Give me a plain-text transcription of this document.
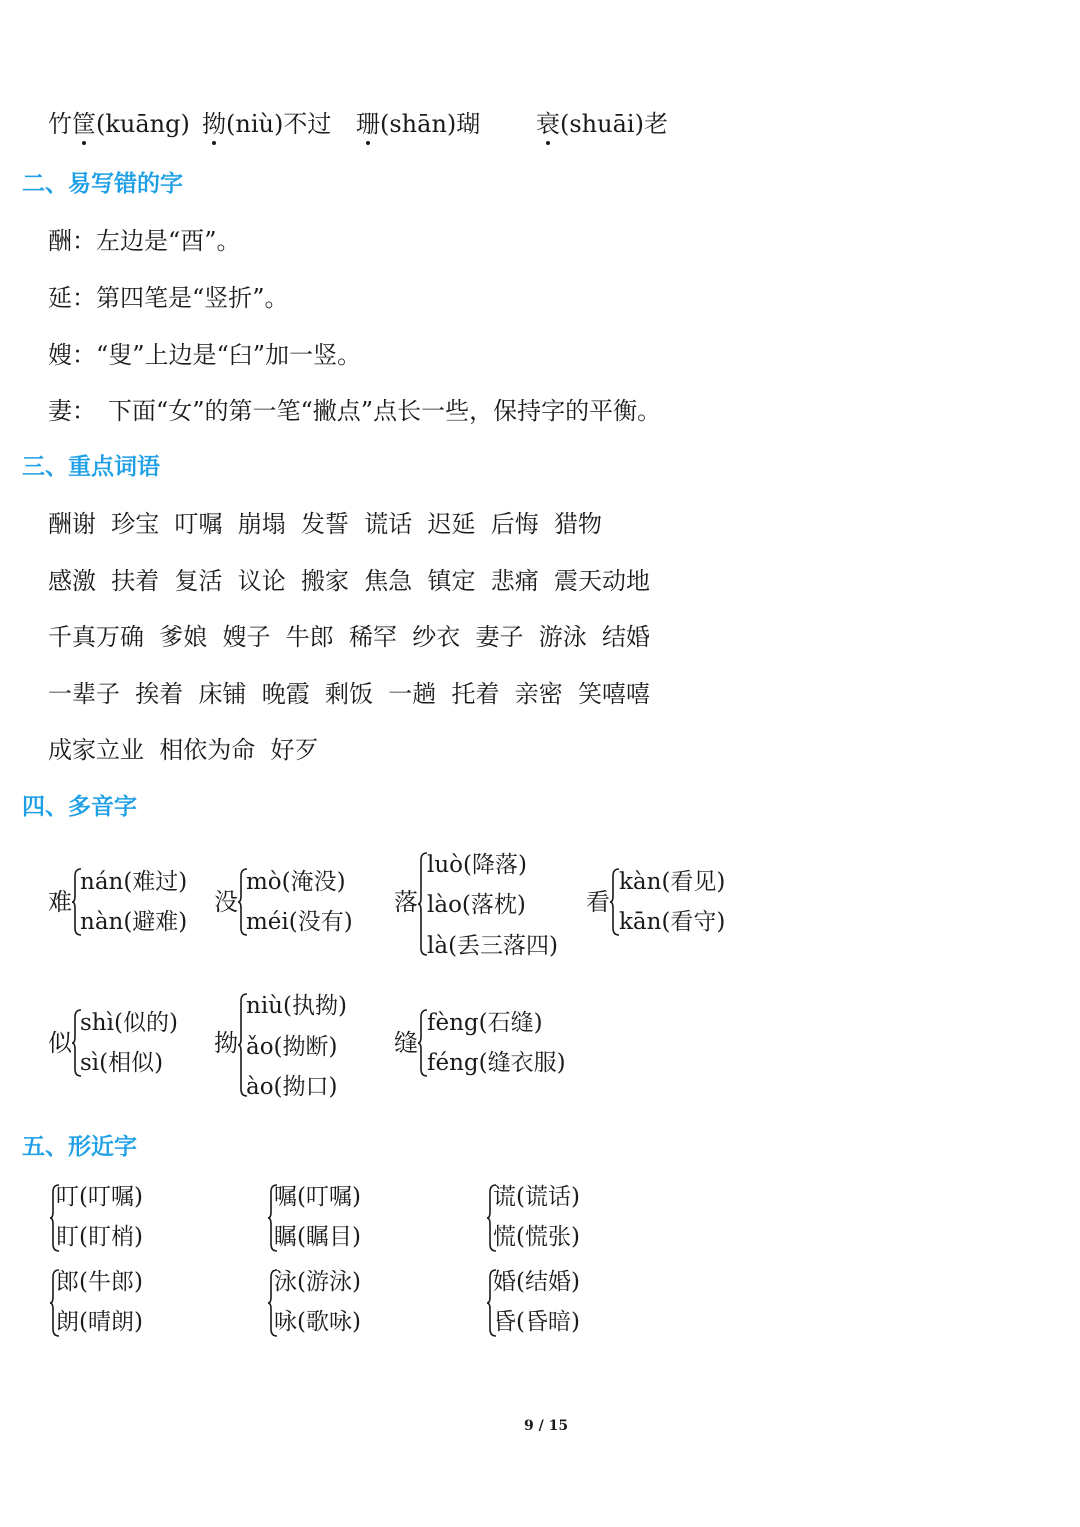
竹筐(kuāng) 拗(niù)不过 珊(shān)瑚 衰(shuāi)老
二、易写错的字
酬：左边是“酉”。
延：第四笔是“竖折”。
嫂：“叟”上边是“臼”加一竖。
妻：　下面“女”的第一笔“撇点”点长一些，保持字的平衡。
三、重点词语
酬谢  珍宝  叮嘱  崩塌  发誓  谎话  迟延  后悔  猎物
感激  扶着  复活  议论  搬家  焦急  镇定  悲痛  震天动地
千真万确  爹娘  嫂子  牛郎  稀罕  纱衣  妻子  游泳  结婚
一辈子  挨着  床铺  晚霞  剩饭  一趟  托着  亲密  笑嘻嘻
成家立业  相依为命  好歹
四、多音字
难
nán(难过)
nàn(避难)
没
mò(淹没)
méi(没有)
落
luò(降落)
lào(落枕)
là(丢三落四)
看
kàn(看见)
kān(看守)
似
shì(似的)
sì(相似)
拗
niù(执拗)
ǎo(拗断)
ào(拗口)
缝
fèng(石缝)
féng(缝衣服)
五、形近字
叮(叮嘱)
盯(盯梢)
嘱(叮嘱)
瞩(瞩目)
谎(谎话)
慌(慌张)
郎(牛郎)
朗(晴朗)
泳(游泳)
咏(歌咏)
婚(结婚)
昏(昏暗)
9 / 15
